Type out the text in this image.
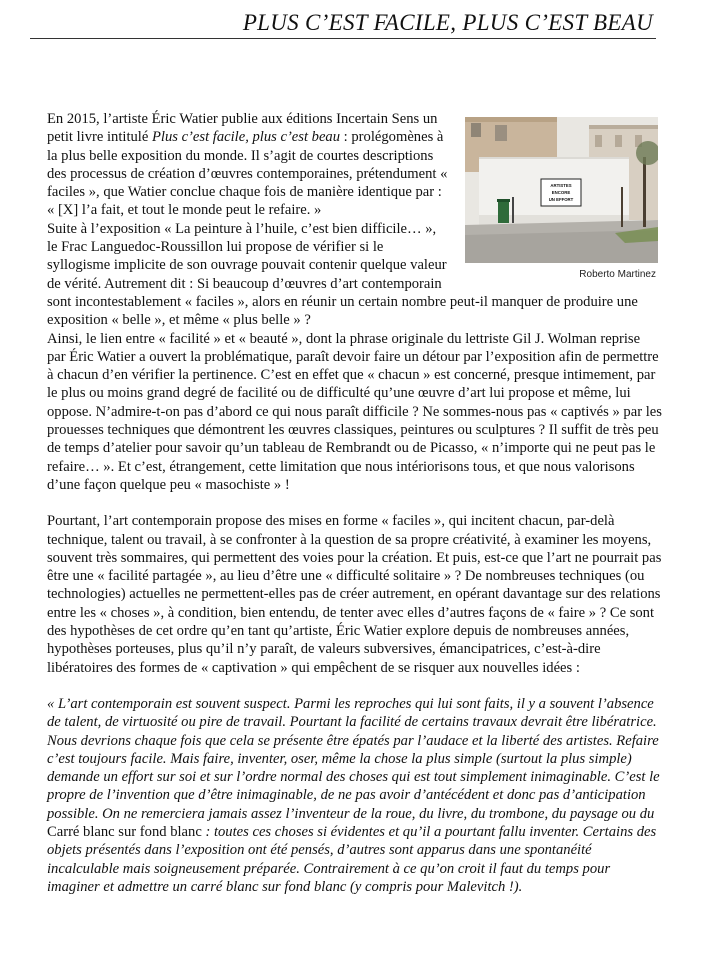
PLUS C’EST FACILE, PLUS C’EST BEAU
ARTISTES
ENCORE
UN EFFORT
Roberto Martinez

En 2015, l’artiste Éric Watier publie aux éditions Incertain Sens un petit livre intitulé Plus c’est facile, plus c’est beau : prolégomènes à la plus belle exposition du monde. Il s’agit de courtes descriptions des processus de création d’œuvres contemporaines, prétendument « faciles », que Watier conclue chaque fois de manière identique par : « [X] l’a fait, et tout le monde peut le refaire. »

Suite à l’exposition « La peinture à l’huile, c’est bien difficile… », le Frac Languedoc-Roussillon lui propose de vérifier si le syllogisme implicite de son ouvrage pouvait contenir quelque valeur de vérité. Autrement dit : Si beaucoup d’œuvres d’art contemporain sont incontestablement « faciles », alors en réunir un certain nombre peut-il manquer de produire une exposition « belle », et même « plus belle » ?

Ainsi, le lien entre « facilité » et « beauté », dont la phrase originale du lettriste Gil J. Wolman reprise par Éric Watier a ouvert la problématique, paraît devoir faire un détour par l’exposition afin de permettre à chacun d’en vérifier la pertinence. C’est en effet que « chacun » est concerné, presque intimement, par le plus ou moins grand degré de facilité ou de difficulté qu’une œuvre d’art lui propose et même, lui oppose. N’admire-t-on pas d’abord ce qui nous paraît difficile ? Ne sommes-nous pas « captivés » par les prouesses techniques que démontrent les œuvres classiques, peintures ou sculptures ? Il suffit de très peu de temps d’atelier pour savoir qu’un tableau de Rembrandt ou de Picasso, « n’importe qui ne peut pas le refaire… ». Et c’est, étrangement, cette limitation que nous intériorisons tous, et que nous valorisons d’une façon quelque peu « masochiste » !

Pourtant, l’art contemporain propose des mises en forme « faciles », qui incitent chacun, par-delà technique, talent ou travail, à se confronter à la question de sa propre créativité, à examiner les moyens, souvent très sommaires, qui permettent des voies pour la création. Et puis, est-ce que l’art ne pourrait pas être une « facilité partagée », au lieu d’être une « difficulté solitaire » ? De nombreuses techniques (ou technologies) actuelles ne permettent-elles pas de créer autrement, en opérant davantage sur des relations entre les « choses », à condition, bien entendu, de tenter avec elles d’autres façons de « faire » ? Ce sont des hypothèses de cet ordre qu’en tant qu’artiste, Éric Watier explore depuis de nombreuses années, hypothèses porteuses, plus qu’il n’y paraît, de valeurs subversives, émancipatrices, c’est-à-dire libératoires des formes de « captivation » qui empêchent de se risquer aux nouvelles idées :

« L’art contemporain est souvent suspect. Parmi les reproches qui lui sont faits, il y a souvent l’absence de talent, de virtuosité ou pire de travail. Pourtant la facilité de certains travaux devrait être libératrice. Nous devrions chaque fois que cela se présente être épatés par l’audace et la liberté des artistes. Refaire c’est toujours facile. Mais faire, inventer, oser, même la chose la plus simple (surtout la plus simple) demande un effort sur soi et sur l’ordre normal des choses qui est tout simplement inimaginable. C’est le propre de l’invention que d’être inimaginable, de ne pas avoir d’antécédent et donc pas d’anticipation possible. On ne remerciera jamais assez l’inventeur de la roue, du livre, du trombone, du paysage ou du Carré blanc sur fond blanc : toutes ces choses si évidentes et qu’il a pourtant fallu inventer. Certains des objets présentés dans l’exposition ont été pensés, d’autres sont apparus dans une spontanéité incalculable mais soigneusement préparée. Contrairement à ce qu’on croit il faut du temps pour imaginer et admettre un carré blanc sur fond blanc (y compris pour Malevitch !).
